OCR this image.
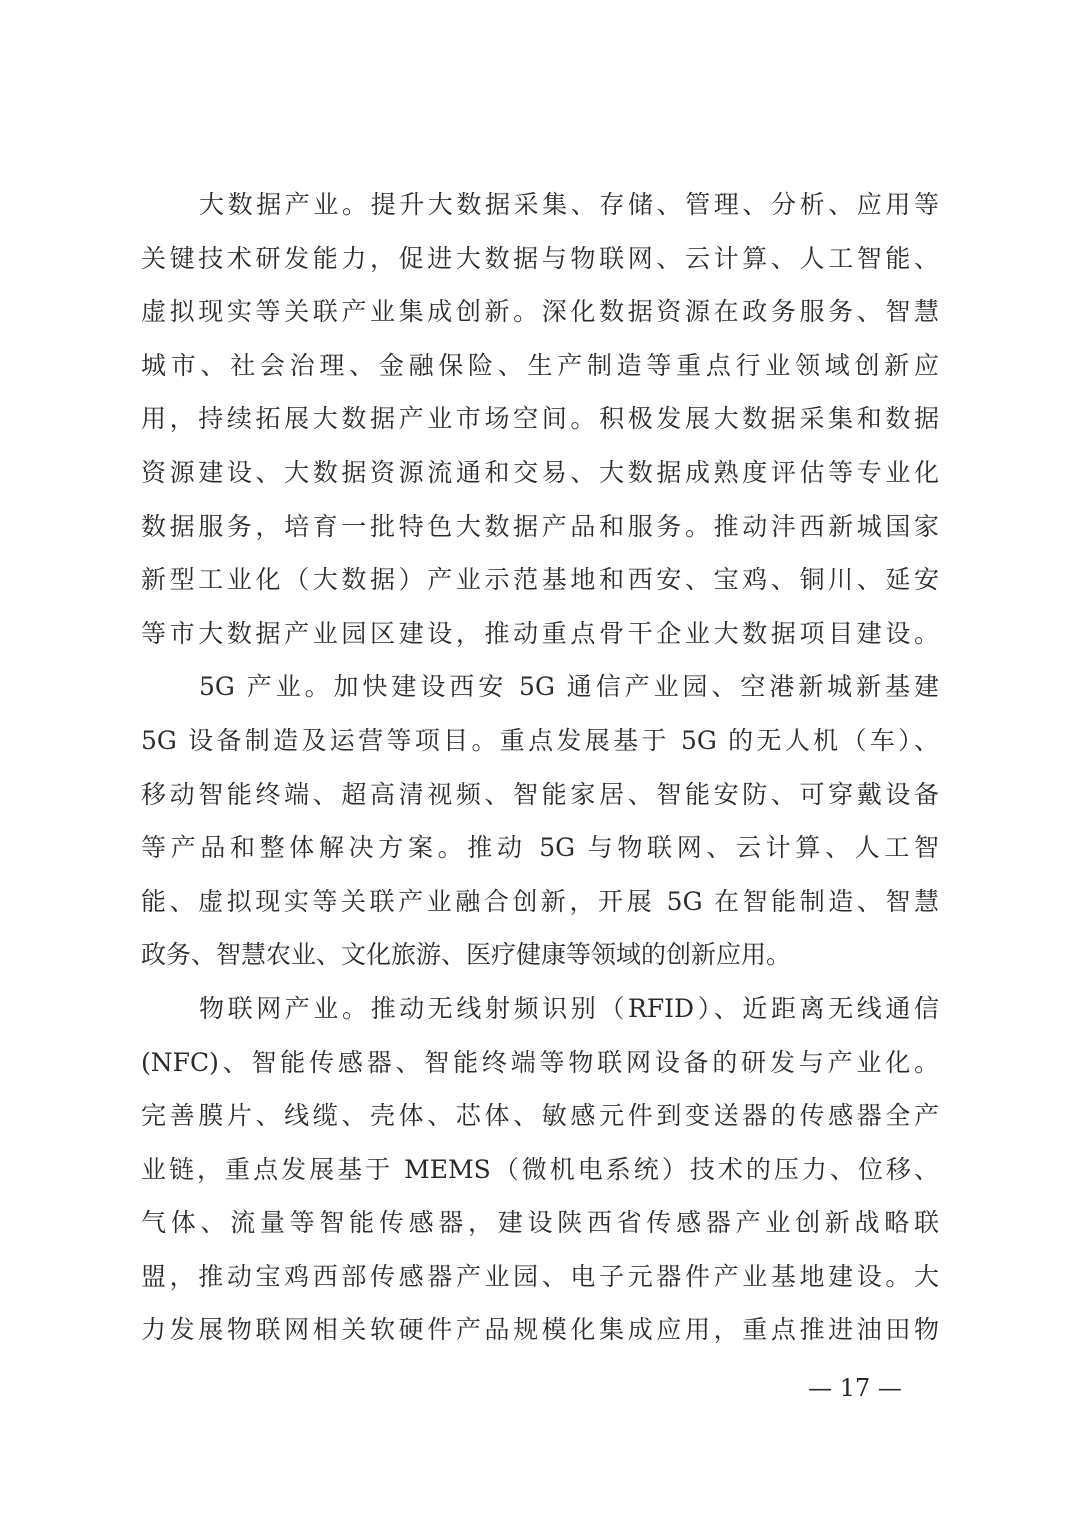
大数据产业。提升大数据采集、存储、管理、分析、应用等
关键技术研发能力，促进大数据与物联网、云计算、人工智能、
虚拟现实等关联产业集成创新。深化数据资源在政务服务、智慧
城市、社会治理、金融保险、生产制造等重点行业领域创新应
用，持续拓展大数据产业市场空间。积极发展大数据采集和数据
资源建设、大数据资源流通和交易、大数据成熟度评估等专业化
数据服务，培育一批特色大数据产品和服务。推动沣西新城国家
新型工业化（大数据）产业示范基地和西安、宝鸡、铜川、延安
等市大数据产业园区建设，推动重点骨干企业大数据项目建设。
5G 产业。加快建设西安 5G 通信产业园、空港新城新基建
5G 设备制造及运营等项目。重点发展基于 5G 的无人机（车）、
移动智能终端、超高清视频、智能家居、智能安防、可穿戴设备
等产品和整体解决方案。推动 5G 与物联网、云计算、人工智
能、虚拟现实等关联产业融合创新，开展 5G 在智能制造、智慧
政务、智慧农业、文化旅游、医疗健康等领域的创新应用。
物联网产业。推动无线射频识别（RFID）、近距离无线通信
(NFC)、智能传感器、智能终端等物联网设备的研发与产业化。
完善膜片、线缆、壳体、芯体、敏感元件到变送器的传感器全产
业链，重点发展基于 MEMS（微机电系统）技术的压力、位移、
气体、流量等智能传感器，建设陕西省传感器产业创新战略联
盟，推动宝鸡西部传感器产业园、电子元器件产业基地建设。大
力发展物联网相关软硬件产品规模化集成应用，重点推进油田物
— 17 —
